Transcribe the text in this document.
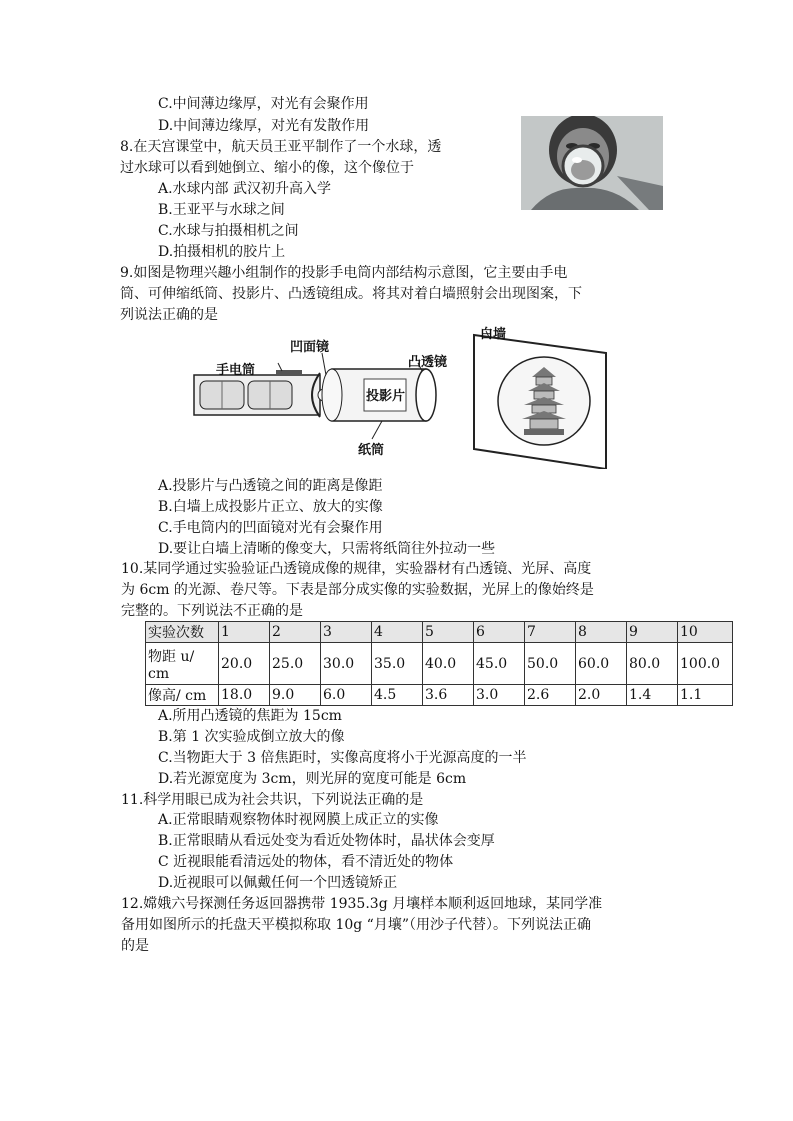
C.中间薄边缘厚，对光有会聚作用
D.中间薄边缘厚，对光有发散作用
8.在天宫课堂中，航天员王亚平制作了一个水球，透
过水球可以看到她倒立、缩小的像，这个像位于
A.水球内部 武汉初升高入学
B.王亚平与水球之间
C.水球与拍摄相机之间
D.拍摄相机的胶片上
9.如图是物理兴趣小组制作的投影手电筒内部结构示意图，它主要由手电
筒、可伸缩纸筒、投影片、凸透镜组成。将其对着白墙照射会出现图案，下
列说法正确的是
白墙
凹面镜
凸透镜
手电筒
投影片
纸筒
A.投影片与凸透镜之间的距离是像距
B.白墙上成投影片正立、放大的实像
C.手电筒内的凹面镜对光有会聚作用
D.要让白墙上清晰的像变大，只需将纸筒往外拉动一些
10.某同学通过实验验证凸透镜成像的规律，实验器材有凸透镜、光屏、高度
为 6cm 的光源、卷尺等。下表是部分成实像的实验数据，光屏上的像始终是
完整的。下列说法不正确的是
实验次数	1	2	3	4	5	6	7	8	9	10
物距 u/
cm	20.0	25.0	30.0	35.0	40.0	45.0	50.0	60.0	80.0	100.0
像高/ cm	18.0	9.0	6.0	4.5	3.6	3.0	2.6	2.0	1.4	1.1
A.所用凸透镜的焦距为 15cm
B.第 1 次实验成倒立放大的像
C.当物距大于 3 倍焦距时，实像高度将小于光源高度的一半
D.若光源宽度为 3cm，则光屏的宽度可能是 6cm
11.科学用眼已成为社会共识，下列说法正确的是
A.正常眼睛观察物体时视网膜上成正立的实像
B.正常眼睛从看远处变为看近处物体时，晶状体会变厚
C 近视眼能看清远处的物体，看不清近处的物体
D.近视眼可以佩戴任何一个凹透镜矫正
12.嫦娥六号探测任务返回器携带 1935.3g 月壤样本顺利返回地球，某同学准
备用如图所示的托盘天平模拟称取 10g “月壤”（用沙子代替）。下列说法正确
的是
